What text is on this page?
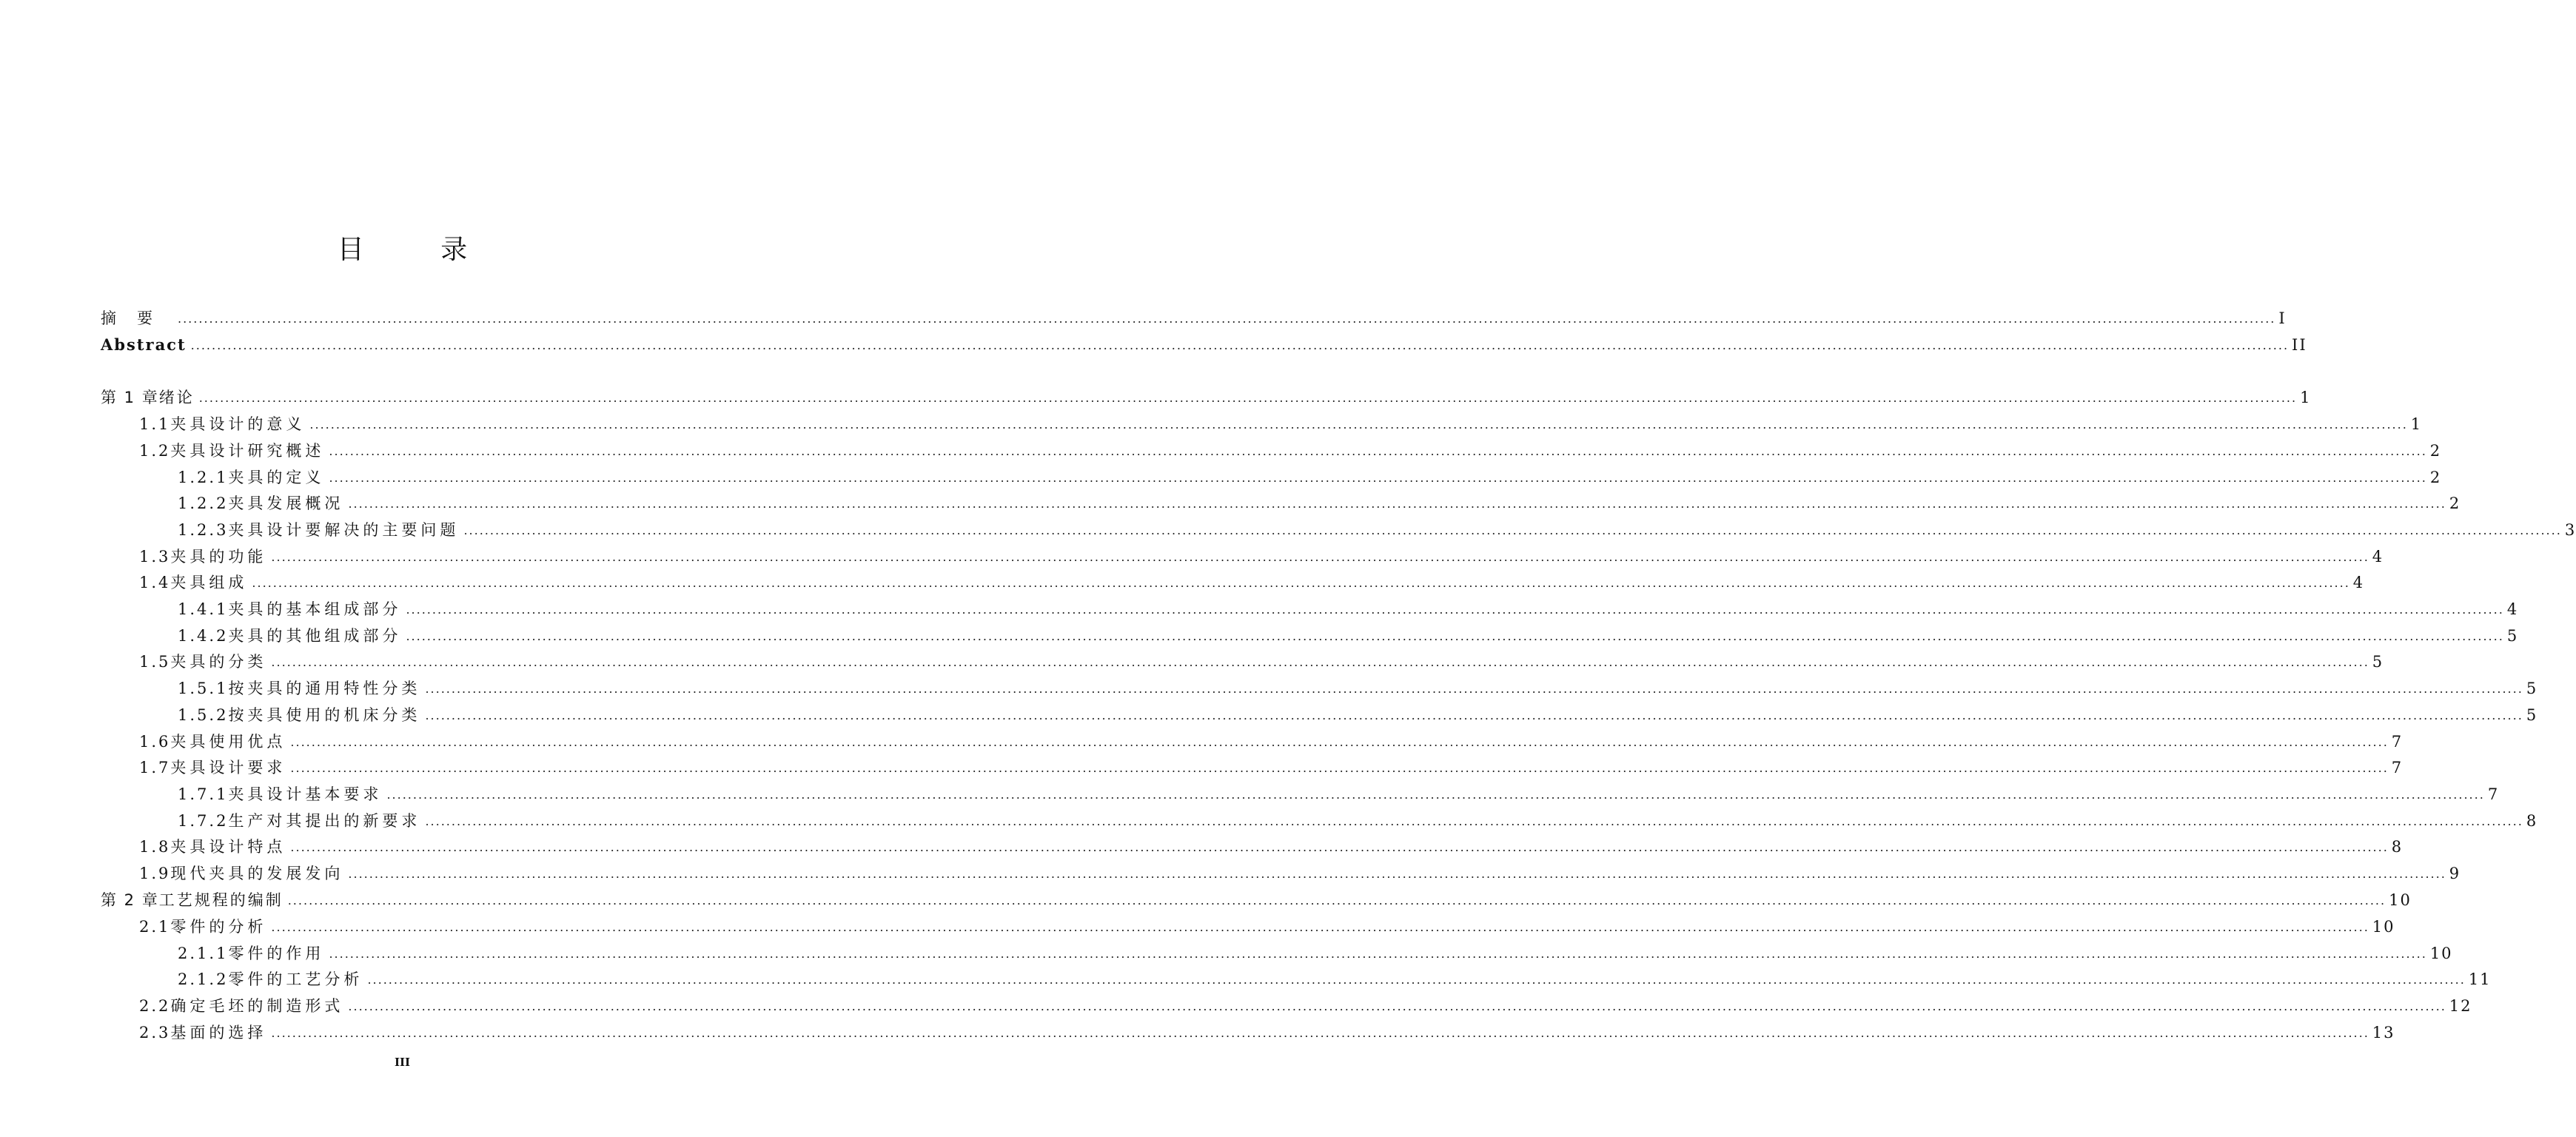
目 录
摘要 ................................................................................................................................................................................................................................................................................................................................................................................................................ I
Abstract ................................................................................................................................................................................................................................................................................................................................................................................................................ II
第 1 章 绪论 ................................................................................................................................................................................................................................................................................................................................................................................................................ 1
1.1 夹具设计的意义 ................................................................................................................................................................................................................................................................................................................................................................................................................ 1
1.2 夹具设计研究概述 ................................................................................................................................................................................................................................................................................................................................................................................................................ 2
1.2.1 夹具的定义 ................................................................................................................................................................................................................................................................................................................................................................................................................ 2
1.2.2 夹具发展概况 ................................................................................................................................................................................................................................................................................................................................................................................................................ 2
1.2.3 夹具设计要解决的主要问题 ................................................................................................................................................................................................................................................................................................................................................................................................................ 3
1.3 夹具的功能 ................................................................................................................................................................................................................................................................................................................................................................................................................ 4
1.4 夹具组成 ................................................................................................................................................................................................................................................................................................................................................................................................................ 4
1.4.1 夹具的基本组成部分 ................................................................................................................................................................................................................................................................................................................................................................................................................ 4
1.4.2 夹具的其他组成部分 ................................................................................................................................................................................................................................................................................................................................................................................................................ 5
1.5 夹具的分类 ................................................................................................................................................................................................................................................................................................................................................................................................................ 5
1.5.1 按夹具的通用特性分类 ................................................................................................................................................................................................................................................................................................................................................................................................................ 5
1.5.2 按夹具使用的机床分类 ................................................................................................................................................................................................................................................................................................................................................................................................................ 5
1.6 夹具使用优点 ................................................................................................................................................................................................................................................................................................................................................................................................................ 7
1.7 夹具设计要求 ................................................................................................................................................................................................................................................................................................................................................................................................................ 7
1.7.1 夹具设计基本要求 ................................................................................................................................................................................................................................................................................................................................................................................................................ 7
1.7.2 生产对其提出的新要求 ................................................................................................................................................................................................................................................................................................................................................................................................................ 8
1.8 夹具设计特点 ................................................................................................................................................................................................................................................................................................................................................................................................................ 8
1.9 现代夹具的发展发向 ................................................................................................................................................................................................................................................................................................................................................................................................................ 9
第 2 章 工艺规程的编制 ................................................................................................................................................................................................................................................................................................................................................................................................................ 10
2.1 零件的分析 ................................................................................................................................................................................................................................................................................................................................................................................................................ 10
2.1.1 零件的作用 ................................................................................................................................................................................................................................................................................................................................................................................................................ 10
2.1.2 零件的工艺分析 ................................................................................................................................................................................................................................................................................................................................................................................................................ 11
2.2 确定毛坯的制造形式 ................................................................................................................................................................................................................................................................................................................................................................................................................ 12
2.3 基面的选择 ................................................................................................................................................................................................................................................................................................................................................................................................................ 13
III
